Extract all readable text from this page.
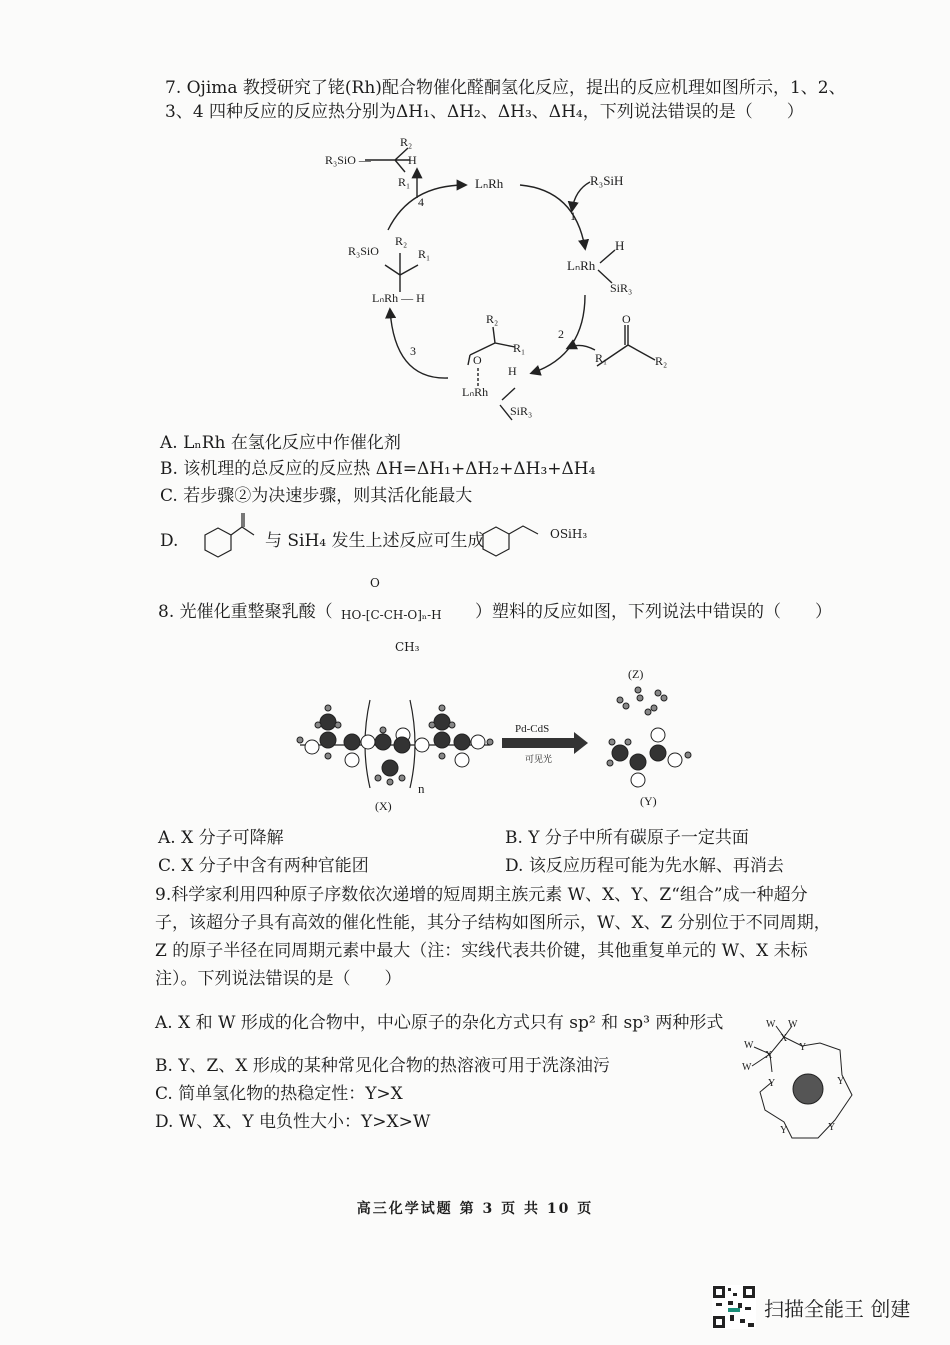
7. Ojima 教授研究了铑(Rh)配合物催化醛酮氢化反应，提出的反应机理如图所示，1、2、
3、4 四种反应的反应热分别为ΔH₁、ΔH₂、ΔH₃、ΔH₄，下列说法错误的是（　　）
LₙRh	R₃SiH
1
LₙRh
H
SiR₃
O
R₁	R₂
2
R₂
R₁
O
LₙRh
H
SiR₃
3
R₃SiO
R₂
R₁
LₙRh — H
4
R₃SiO —
R₂
H
R₁
A. LₙRh 在氢化反应中作催化剂
B. 该机理的总反应的反应热 ΔH=ΔH₁+ΔH₂+ΔH₃+ΔH₄
C. 若步骤②为决速步骤，则其活化能最大
D.	与 SiH₄ 发生上述反应可生成	OSiH₃
8. 光催化重整聚乳酸（ HO-[C-CH-O]ₙ-H
O
CH₃
）塑料的反应如图，下列说法中错误的（　　）
Pd-CdS
可见光
(X)
n
(Y)
(Z)
A. X 分子可降解	B. Y 分子中所有碳原子一定共面
C. X 分子中含有两种官能团	D. 该反应历程可能为先水解、再消去
9.科学家利用四种原子序数依次递增的短周期主族元素 W、X、Y、Z“组合”成一种超分
子，该超分子具有高效的催化性能，其分子结构如图所示，W、X、Z 分别位于不同周期，
Z 的原子半径在同周期元素中最大（注：实线代表共价键，其他重复单元的 W、X 未标
注）。下列说法错误的是（　　）
A. X 和 W 形成的化合物中，中心原子的杂化方式只有 sp² 和 sp³ 两种形式
B. Y、Z、X 形成的某种常见化合物的热溶液可用于洗涤油污
C. 简单氢化物的热稳定性：Y>X
D. W、X、Y 电负性大小：Y>X>W
W W
W
W
X
X
Y
Y	Y
Y	Y
高三化学试题 第 3 页 共 10 页
扫描全能王 创建
